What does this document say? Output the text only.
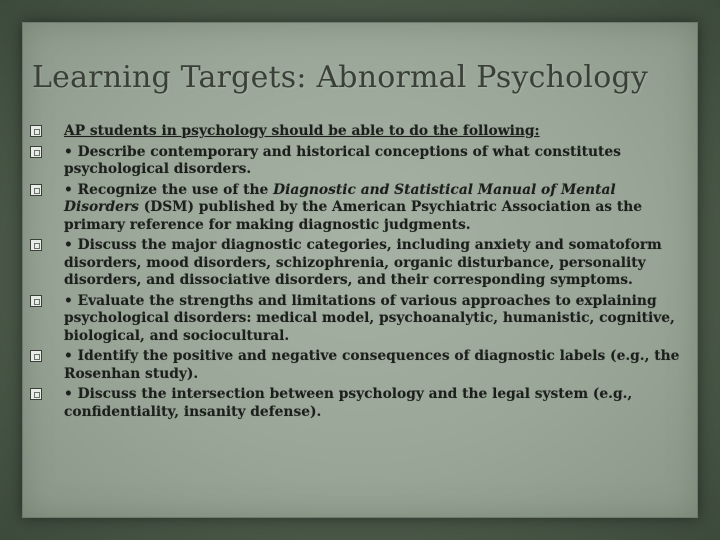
Learning Targets: Abnormal Psychology
AP students in psychology should be able to do the following:
• Describe contemporary and historical conceptions of what constitutes psychological disorders.
• Recognize the use of the Diagnostic and Statistical Manual of Mental Disorders (DSM) published by the American Psychiatric Association as the primary reference for making diagnostic judgments.
• Discuss the major diagnostic categories, including anxiety and somatoform disorders, mood disorders, schizophrenia, organic disturbance, personality disorders, and dissociative disorders, and their corresponding symptoms.
• Evaluate the strengths and limitations of various approaches to explaining psychological disorders: medical model, psychoanalytic, humanistic, cognitive, biological, and sociocultural.
• Identify the positive and negative consequences of diagnostic labels (e.g., the Rosenhan study).
• Discuss the intersection between psychology and the legal system (e.g., confidentiality, insanity defense).
